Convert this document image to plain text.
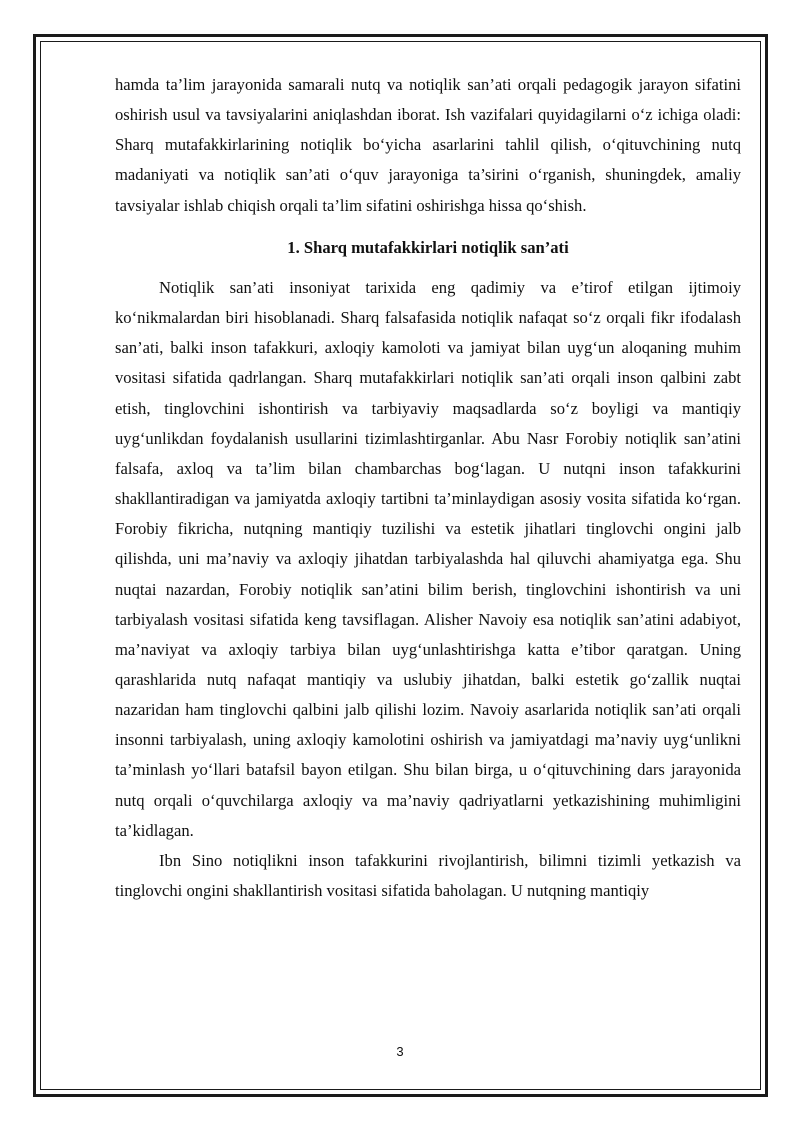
hamda ta’lim jarayonida samarali nutq va notiqlik san’ati orqali pedagogik jarayon sifatini oshirish usul va tavsiyalarini aniqlashdan iborat. Ish vazifalari quyidagilarni o‘z ichiga oladi: Sharq mutafakkirlarining notiqlik bo‘yicha asarlarini tahlil qilish, o‘qituvchining nutq madaniyati va notiqlik san’ati o‘quv jarayoniga ta’sirini o‘rganish, shuningdek, amaliy tavsiyalar ishlab chiqish orqali ta’lim sifatini oshirishga hissa qo‘shish.

1. Sharq mutafakkirlari notiqlik san’ati

Notiqlik san’ati insoniyat tarixida eng qadimiy va e’tirof etilgan ijtimoiy ko‘nikmalardan biri hisoblanadi. Sharq falsafasida notiqlik nafaqat so‘z orqali fikr ifodalash san’ati, balki inson tafakkuri, axloqiy kamoloti va jamiyat bilan uyg‘un aloqaning muhim vositasi sifatida qadrlangan. Sharq mutafakkirlari notiqlik san’ati orqali inson qalbini zabt etish, tinglovchini ishontirish va tarbiyaviy maqsadlarda so‘z boyligi va mantiqiy uyg‘unlikdan foydalanish usullarini tizimlashtirganlar. Abu Nasr Forobiy notiqlik san’atini falsafa, axloq va ta’lim bilan chambarchas bog‘lagan. U nutqni inson tafakkurini shakllantiradigan va jamiyatda axloqiy tartibni ta’minlaydigan asosiy vosita sifatida ko‘rgan. Forobiy fikricha, nutqning mantiqiy tuzilishi va estetik jihatlari tinglovchi ongini jalb qilishda, uni ma’naviy va axloqiy jihatdan tarbiyalashda hal qiluvchi ahamiyatga ega. Shu nuqtai nazardan, Forobiy notiqlik san’atini bilim berish, tinglovchini ishontirish va uni tarbiyalash vositasi sifatida keng tavsiflagan. Alisher Navoiy esa notiqlik san’atini adabiyot, ma’naviyat va axloqiy tarbiya bilan uyg‘unlashtirishga katta e’tibor qaratgan. Uning qarashlarida nutq nafaqat mantiqiy va uslubiy jihatdan, balki estetik go‘zallik nuqtai nazaridan ham tinglovchi qalbini jalb qilishi lozim. Navoiy asarlarida notiqlik san’ati orqali insonni tarbiyalash, uning axloqiy kamolotini oshirish va jamiyatdagi ma’naviy uyg‘unlikni ta’minlash yo‘llari batafsil bayon etilgan. Shu bilan birga, u o‘qituvchining dars jarayonida nutq orqali o‘quvchilarga axloqiy va ma’naviy qadriyatlarni yetkazishining muhimligini ta’kidlagan.

Ibn Sino notiqlikni inson tafakkurini rivojlantirish, bilimni tizimli yetkazish va tinglovchi ongini shakllantirish vositasi sifatida baholagan. U nutqning mantiqiy

3
